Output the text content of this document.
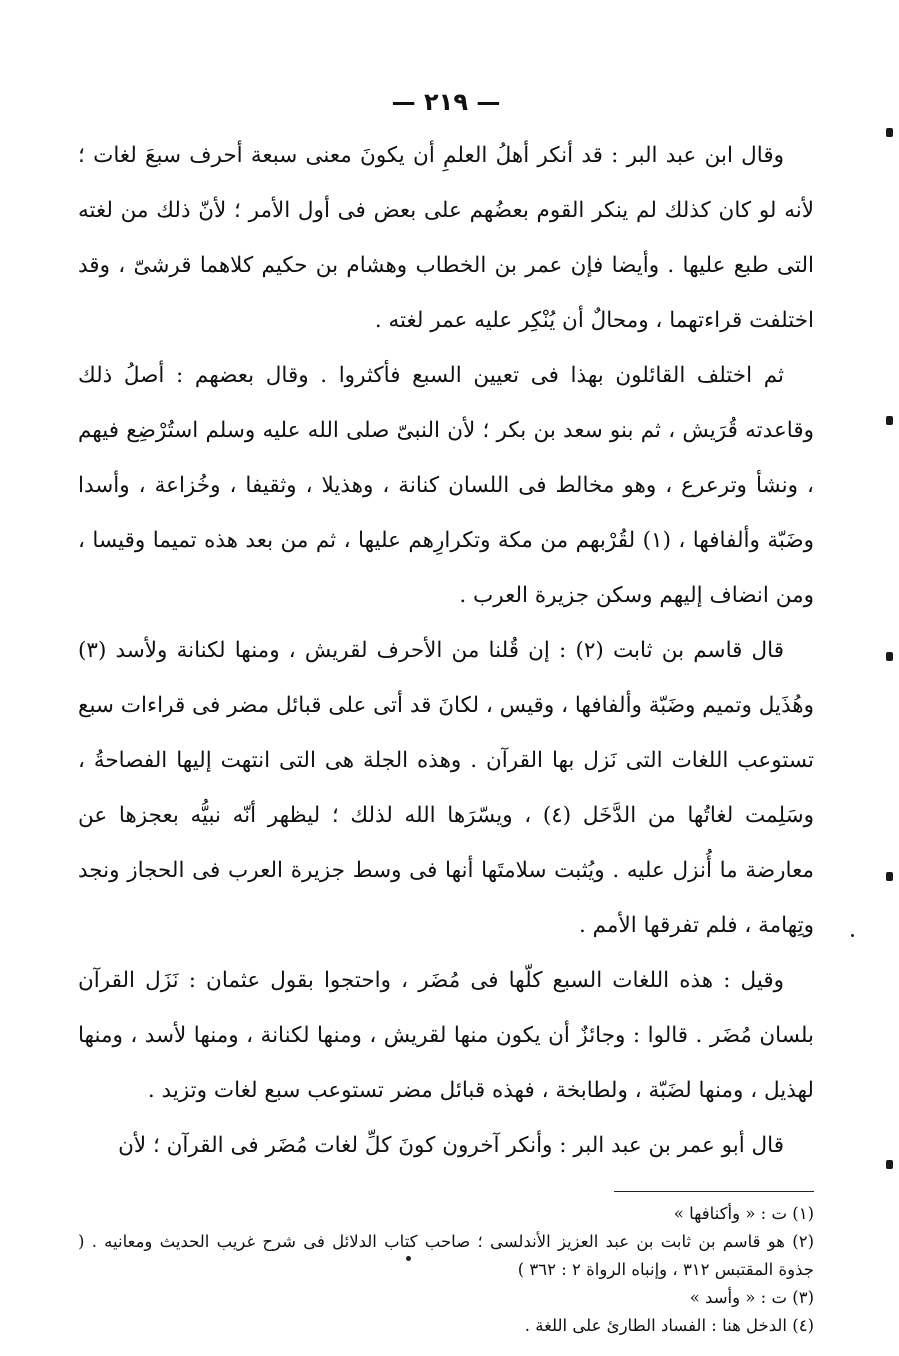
— ٢١٩ —

وقال ابن عبد البر : قد أنكر أهلُ العلمِ أن يكونَ معنى سبعة أحرف سبعَ لغات ؛ لأنه لو كان كذلك لم ينكر القوم بعضُهم على بعض فى أول الأمر ؛ لأنّ ذلك من لغته التى طبع عليها . وأيضا فإن عمر بن الخطاب وهشام بن حكيم كلاهما قرشىّ ، وقد اختلفت قراءتهما ، ومحالٌ أن يُنْكِر عليه عمر لغته .

ثم اختلف القائلون بهذا فى تعيين السبع فأكثروا . وقال بعضهم : أصلُ ذلك وقاعدته قُرَيش ، ثم بنو سعد بن بكر ؛ لأن النبىّ صلى الله عليه وسلم استُرْضِع فيهم ، ونشأ وترعرع ، وهو مخالط فى اللسان كنانة ، وهذيلا ، وثقيفا ، وخُزاعة ، وأسدا وضَبّة وألفافها ، (١) لقُرْبهم من مكة وتكرارِهم عليها ، ثم من بعد هذه تميما وقيسا ، ومن انضاف إليهم وسكن جزيرة العرب .

قال قاسم بن ثابت (٢) : إن قُلنا من الأحرف لقريش ، ومنها لكنانة ولأسد (٣) وهُذَيل وتميم وضَبّة وألفافها ، وقيس ، لكانَ قد أتى على قبائل مضر فى قراءات سبع تستوعب اللغات التى نَزل بها القرآن . وهذه الجلة هى التى انتهت إليها الفصاحةُ ، وسَلِمت لغاتُها من الدَّخَل (٤) ، ويسّرَها الله لذلك ؛ ليظهر أنّه نبيُّه بعجزها عن معارضة ما أُنزل عليه . ويُثبت سلامتَها أنها فى وسط جزيرة العرب فى الحجاز ونجد وتِهامة ، فلم تفرقها الأمم .

وقيل : هذه اللغات السبع كلّها فى مُضَر ، واحتجوا بقول عثمان : نَزَل القرآن بلسان مُضَر . قالوا : وجائزٌ أن يكون منها لقريش ، ومنها لكنانة ، ومنها لأسد ، ومنها لهذيل ، ومنها لضَبّة ، ولطابخة ، فهذه قبائل مضر تستوعب سبع لغات وتزيد .

قال أبو عمر بن عبد البر : وأنكر آخرون كونَ كلِّ لغات مُضَر فى القرآن ؛ لأن

(١) ت : « وأكنافها »

(٢) هو قاسم بن ثابت بن عبد العزيز الأندلسى ؛ صاحب كتاب الدلائل فى شرح غريب الحديث ومعانيه . ( جذوة المقتبس ٣١٢ ، وإنباه الرواة ٢ : ٣٦٢ )

(٣) ت : « وأسد »

(٤) الدخل هنا : الفساد الطارئ على اللغة .
